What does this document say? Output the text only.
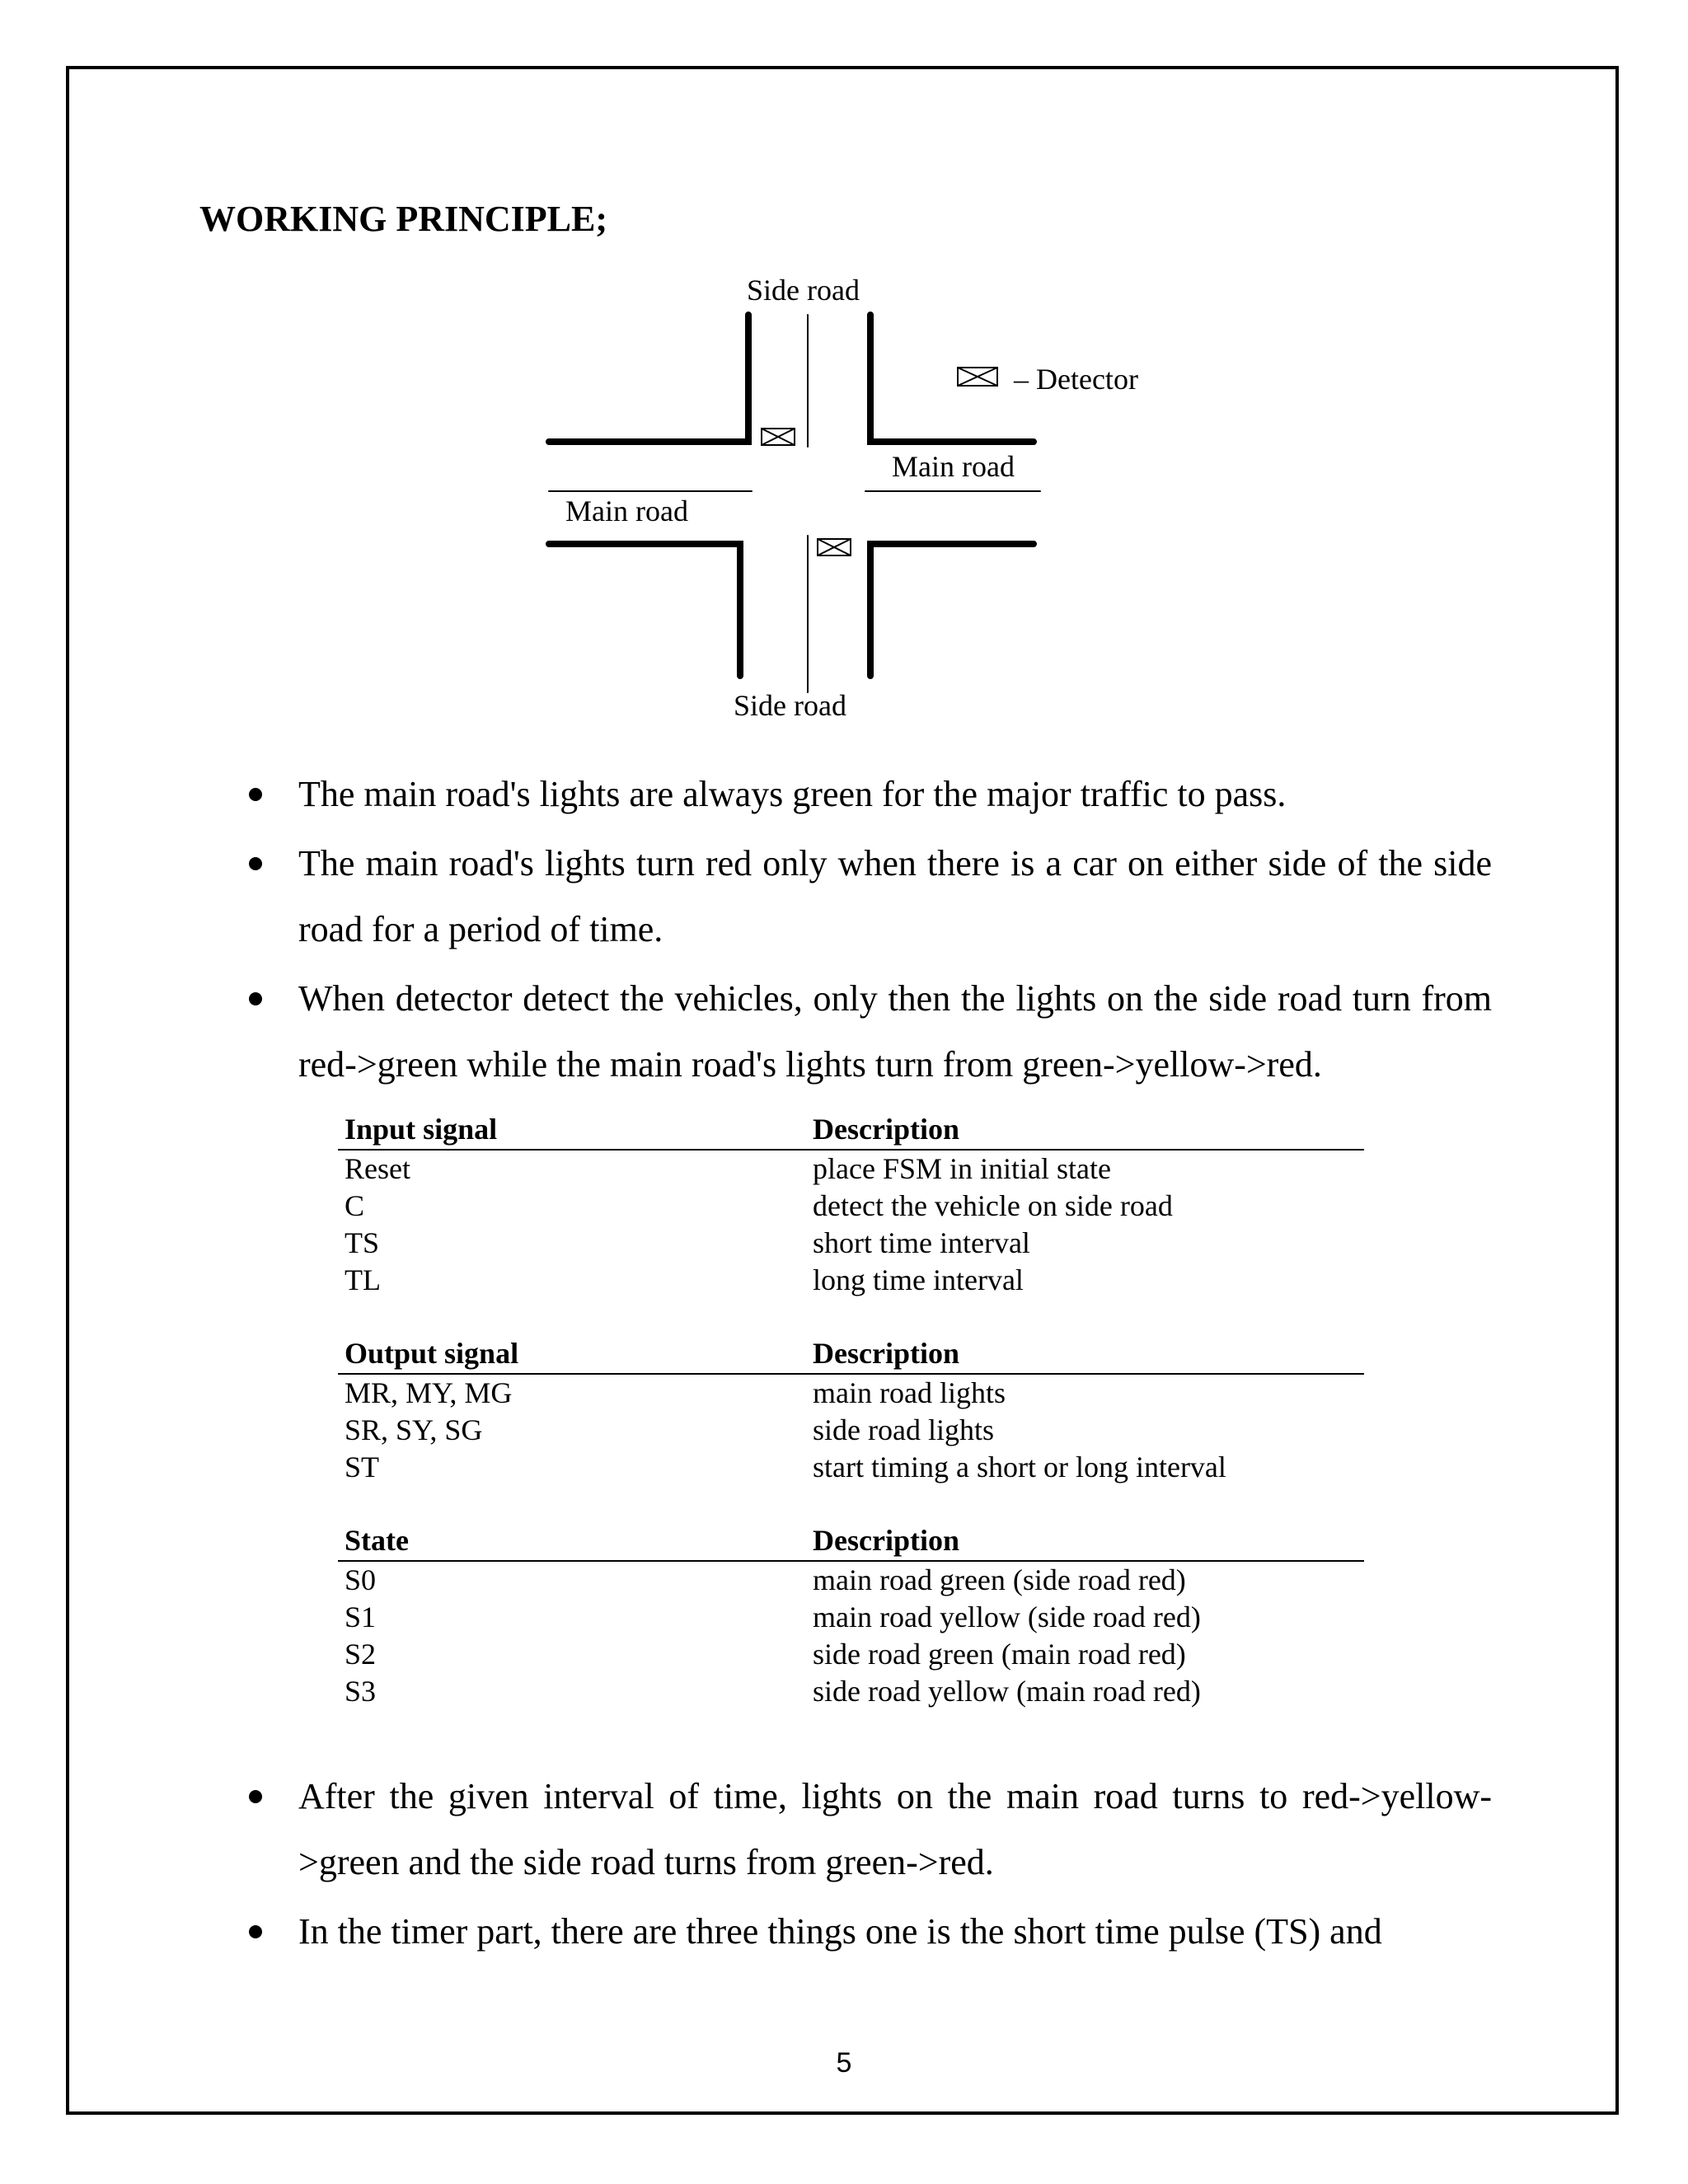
WORKING PRINCIPLE;
Side road
– Detector
Main road
Main road
Side road
The main road's lights are always green for the major traffic to pass.
The main road's lights turn red only when there is a car on either side of the side road for a period of time.
When detector detect the vehicles, only then the lights on the side road turn from red->green while the main road's lights turn from green->yellow->red.
Input signal	Description
Reset	place FSM in initial state
C	detect the vehicle on side road
TS	short time interval
TL	long time interval
Output signal	Description
MR, MY, MG	main road lights
SR, SY, SG	side road lights
ST	start timing a short or long interval
State	Description
S0	main road green (side road red)
S1	main road yellow (side road red)
S2	side road green (main road red)
S3	side road yellow (main road red)
After the given interval of time, lights on the main road turns to red->yellow->green and the side road turns from green->red.
In the timer part, there are three things one is the short time pulse (TS) and
5
